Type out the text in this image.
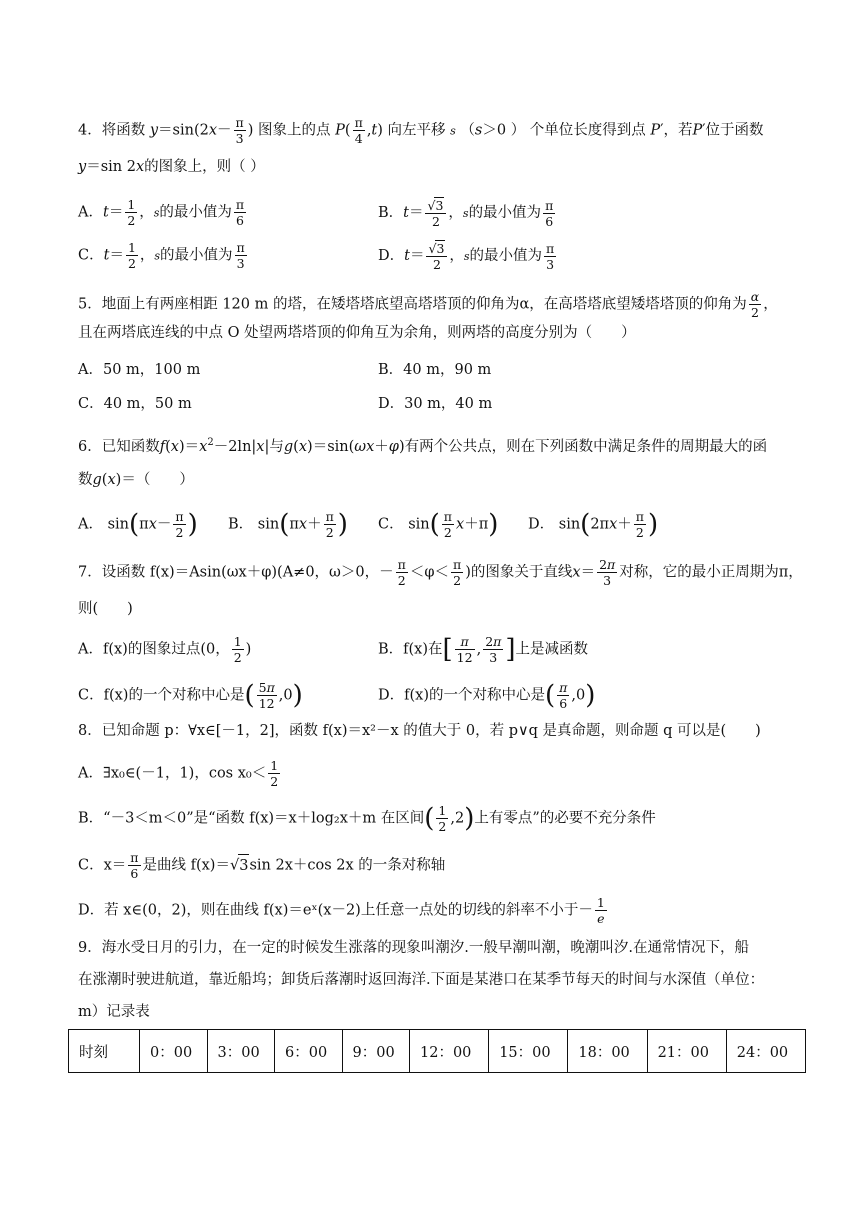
4．将函数 $y=\sin(2x- \frac{\pi}{3}$ ) 图象上的点 $P( \frac{\pi}{4} ,t)$ 向左平移 s （s＞0 ） 个单位长度得到点 P′，若P′位于函数
y＝sin 2x的图象上，则（ ）
A．$t= \frac{1}{2}$ ，s的最小值为 $\frac{\pi}{6}$	B．$t= \frac{√3}{2}$ ，s的最小值为 $\frac{\pi}{6}$
C．$t= \frac{1}{2}$ ，s的最小值为 $\frac{\pi}{3}$	D．$t= \frac{√3}{2}$ ，s的最小值为 $\frac{\pi}{3}$
5．地面上有两座相距 120 m 的塔，在矮塔塔底望高塔塔顶的仰角为α，在高塔塔底望矮塔塔顶的仰角为 $\frac{\alpha}{2}$ ，
且在两塔底连线的中点 O 处望两塔塔顶的仰角互为余角，则两塔的高度分别为（　　）
A．50 m，100 m	B．40 m，90 m
C．40 m，50 m	D．30 m，40 m
6．已知函数$f(x)=x^2-2\ln|x|$与g(x)＝sin(ωx＋φ)有两个公共点，则在下列函数中满足条件的周期最大的函
数g(x)＝（　　）
A． $\sin(\pi x- \frac{\pi}{2}$ ) B． $\sin(\pi x+ \frac{\pi}{2}$ ) C． $\sin( \frac{\pi}{2} x+\pi)$ D． $\sin(2\pi x+ \frac{\pi}{2}$ )
7．设函数 f(x)＝Asin(ωx＋φ)(A≠0，ω＞0，－ $\frac{\pi}{2} <\varphi< \frac{\pi}{2}$ )的图象关于直线$x= \frac{2\pi}{3}$ 对称，它的最小正周期为π，
则(　　)
A．f(x)的图象过点(0， $\frac{1}{2}$ )	B．f(x)在[ $\frac{\pi}{12}$ , $\frac{2\pi}{3}$ ]上是减函数
C．f(x)的一个对称中心是( $\frac{5\pi}{12} ,0$)	D．f(x)的一个对称中心是( $\frac{\pi}{6} ,0$)
8．已知命题 p：∀x∈[－1，2]，函数 f(x)＝x²－x 的值大于 0，若 p∨q 是真命题，则命题 q 可以是(　　)
A．∃x₀∈(－1，1)，$\cos x_0< \frac{1}{2}$
B．“－3＜m＜0”是“函数 f(x)＝x＋log₂x＋m 在区间( $\frac{1}{2} ,2$)上有零点”的必要不充分条件
C．$x= \frac{\pi}{6}$ 是曲线 f(x)＝√3sin 2x＋cos 2x 的一条对称轴
D．若 x∈(0，2)，则在曲线 f(x)＝eˣ(x－2)上任意一点处的切线的斜率不小于－ $\frac{1}{e}$
9．海水受日月的引力，在一定的时候发生涨落的现象叫潮汐.一般早潮叫潮，晚潮叫汐.在通常情况下，船
在涨潮时驶进航道，靠近船坞；卸货后落潮时返回海洋.下面是某港口在某季节每天的时间与水深值（单位：
m）记录表
时刻	0：00	3：00	6：00	9：00	12：00	15：00	18：00	21：00	24：00
